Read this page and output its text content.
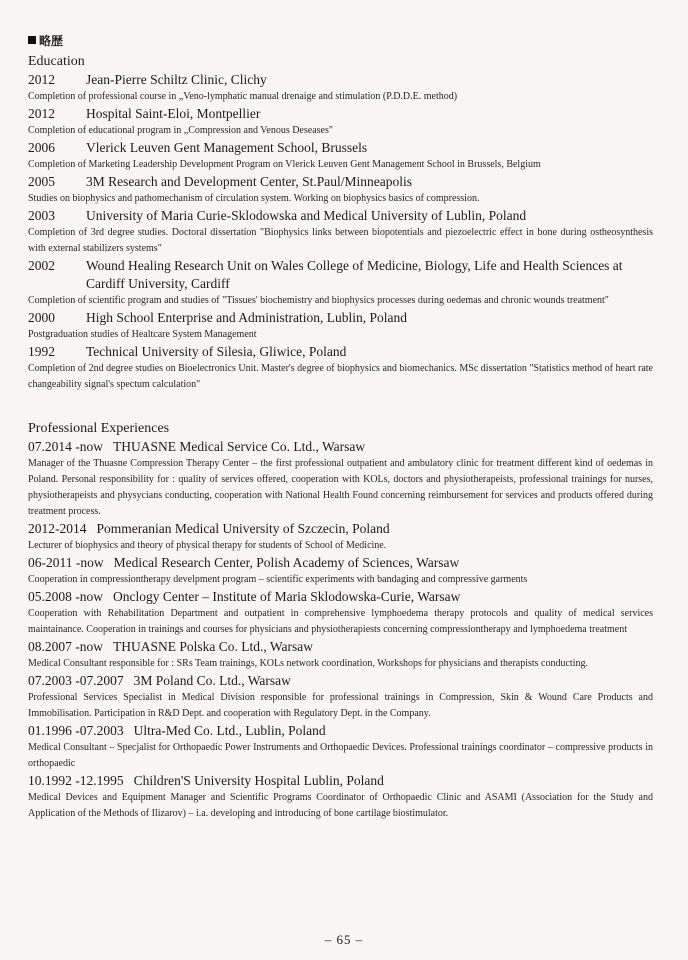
略歴
Education
2012	Jean-Pierre Schiltz Clinic, Clichy
Completion of professional course in „Veno-lymphatic manual drenaige and stimulation (P.D.D.E. method)
2012	Hospital Saint-Eloi, Montpellier
Completion of educational program in „Compression and Venous Deseases"
2006	Vlerick Leuven Gent Management School, Brussels
Completion of Marketing Leadership Development Program on Vlerick Leuven Gent Management School in Brussels, Belgium
2005	3M Research and Development Center, St.Paul/Minneapolis
Studies on biophysics and pathomechanism of circulation system. Working on biophysics basics of compression.
2003	University of Maria Curie-Sklodowska and Medical University of Lublin, Poland
Completion of 3rd degree studies. Doctoral dissertation "Biophysics links between biopotentials and piezoelectric effect in bone during ostheosynthesis with external stabilizers systems"
2002	Wound Healing Research Unit on Wales College of Medicine, Biology, Life and Health Sciences at Cardiff University, Cardiff
Completion of scientific program and studies of "Tissues' biochemistry and biophysics processes during oedemas and chronic wounds treatment"
2000	High School Enterprise and Administration, Lublin, Poland
Postgraduation studies of Healtcare System Management
1992	Technical University of Silesia, Gliwice, Poland
Completion of 2nd degree studies on Bioelectronics Unit. Master's degree of biophysics and biomechanics. MSc dissertation "Statistics method of heart rate changeability signal's spectum calculation"
Professional Experiences
07.2014 -now THUASNE Medical Service Co. Ltd., Warsaw
Manager of the Thuasne Compression Therapy Center – the first professional outpatient and ambulatory clinic for treatment different kind of oedemas in Poland. Personal responsibility for : quality of services offered, cooperation with KOLs, doctors and physiotherapeists, professional trainings for nurses, physiotherapeists and physycians conducting, cooperation with National Health Found concerning reimbursement for services and products offered during treatment process.
2012-2014 Pommeranian Medical University of Szczecin, Poland
Lecturer of biophysics and theory of physical therapy for students of School of Medicine.
06-2011 -now Medical Research Center, Polish Academy of Sciences, Warsaw
Cooperation in compressiontherapy develpment program – scientific experiments with bandaging and compressive garments
05.2008 -now Onclogy Center – Institute of Maria Sklodowska-Curie, Warsaw
Cooperation with Rehabilitation Department and outpatient in comprehensive lymphoedema therapy protocols and quality of medical services maintainance. Cooperation in trainings and courses for physicians and physiotherapiests concerning compressiontherapy and lymphoedema treatment
08.2007 -now THUASNE Polska Co. Ltd., Warsaw
Medical Consultant responsible for : SRs Team trainings, KOLs network coordination, Workshops for physicians and therapists conducting.
07.2003 -07.2007 3M Poland Co. Ltd., Warsaw
Professional Services Specialist in Medical Division responsible for professional trainings in Compression, Skin & Wound Care Products and Immobilisation. Participation in R&D Dept. and cooperation with Regulatory Dept. in the Company.
01.1996 -07.2003 Ultra-Med Co. Ltd., Lublin, Poland
Medical Consultant – Specjalist for Orthopaedic Power Instruments and Orthopaedic Devices. Professional trainings coordinator – compressive products in orthopaedic
10.1992 -12.1995 Children'S University Hospital Lublin, Poland
Medical Devices and Equipment Manager and Scientific Programs Coordinator of Orthopaedic Clinic and ASAMI (Association for the Study and Application of the Methods of Ilizarov) – i.a. developing and introducing of bone cartilage biostimulator.
– 65 –
